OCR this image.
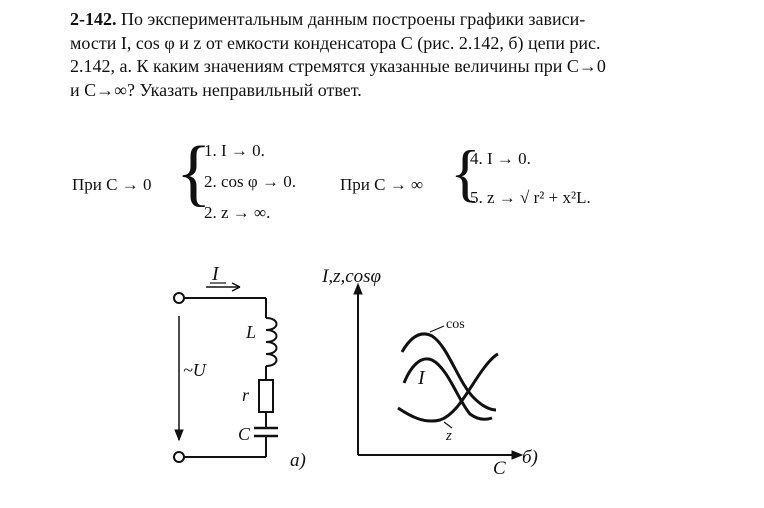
2-142. По экспериментальным данным построены графики зависи-

мости I, cos φ и z от емкости конденсатора C (рис. 2.142, б) цепи рис.

2.142, а. К каким значениям стремятся указанные величины при C→0

и C→∞? Указать неправильный ответ.

При C → 0 {
1. I → 0.
2. cos φ → 0.
2. z → ∞.
При C → ∞ {
4. I → 0.
5. z → √ r² + x²L.
I
~U
L
r
C
а)
I,z,cosφ
C
cos
I
z
б)
